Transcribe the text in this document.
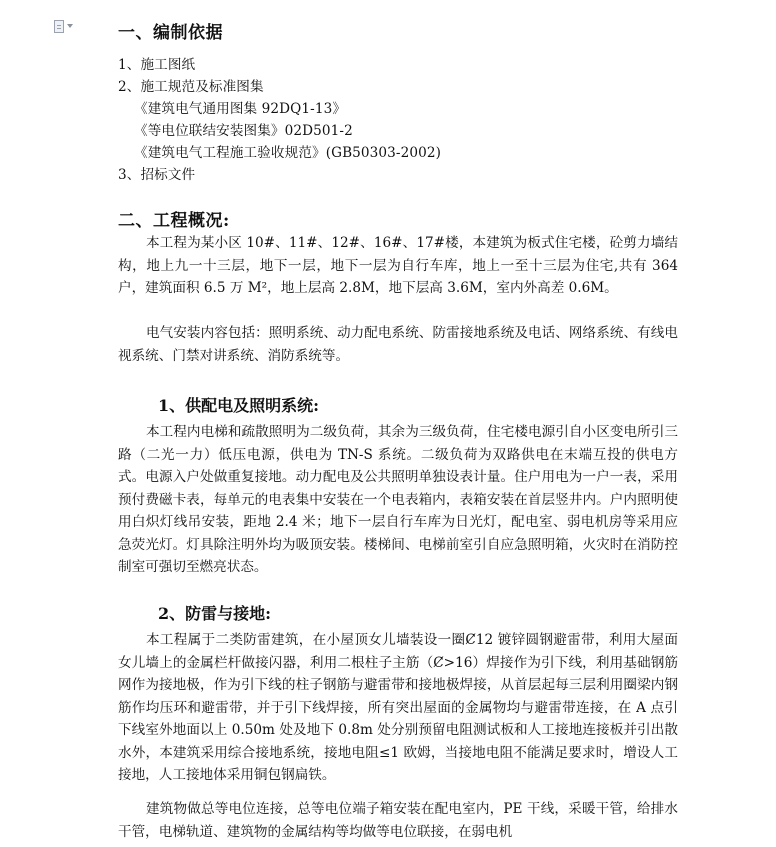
一、编制依据
1、施工图纸
2、施工规范及标准图集
《建筑电气通用图集 92DQ1-13》
《等电位联结安装图集》02D501-2
《建筑电气工程施工验收规范》(GB50303-2002)
3、招标文件
二、工程概况:

本工程为某小区 10#、11#、12#、16#、17#楼，本建筑为板式住宅楼，砼剪力墙结构，地上九一十三层，地下一层，地下一层为自行车库，地上一至十三层为住宅,共有 364 户，建筑面积 6.5 万 M²，地上层高 2.8M，地下层高 3.6M，室内外高差 0.6M。

电气安装内容包括：照明系统、动力配电系统、防雷接地系统及电话、网络系统、有线电视系统、门禁对讲系统、消防系统等。

1、供配电及照明系统:

本工程内电梯和疏散照明为二级负荷，其余为三级负荷，住宅楼电源引自小区变电所引三路（二光一力）低压电源，供电为 TN-S 系统。二级负荷为双路供电在末端互投的供电方式。电源入户处做重复接地。动力配电及公共照明单独设表计量。住户用电为一户一表，采用预付费磁卡表，每单元的电表集中安装在一个电表箱内，表箱安装在首层竖井内。户内照明使用白炽灯线吊安装，距地 2.4 米；地下一层自行车库为日光灯，配电室、弱电机房等采用应急荧光灯。灯具除注明外均为吸顶安装。楼梯间、电梯前室引自应急照明箱，火灾时在消防控制室可强切至燃亮状态。

2、防雷与接地:

本工程属于二类防雷建筑，在小屋顶女儿墙装设一圈Ȼ12 镀锌圆钢避雷带，利用大屋面女儿墙上的金属栏杆做接闪器，利用二根柱子主筋（Ȼ>16）焊接作为引下线，利用基础钢筋网作为接地极，作为引下线的柱子钢筋与避雷带和接地极焊接，从首层起每三层利用圈梁内钢筋作均压环和避雷带，并于引下线焊接，所有突出屋面的金属物均与避雷带连接，在 A 点引下线室外地面以上 0.50m 处及地下 0.8m 处分别预留电阻测试板和人工接地连接板并引出散水外，本建筑采用综合接地系统，接地电阻≤1 欧姆，当接地电阻不能满足要求时，增设人工接地，人工接地体采用铜包钢扁铁。

建筑物做总等电位连接，总等电位端子箱安装在配电室内，PE 干线，采暖干管，给排水干管，电梯轨道、建筑物的金属结构等均做等电位联接，在弱电机
